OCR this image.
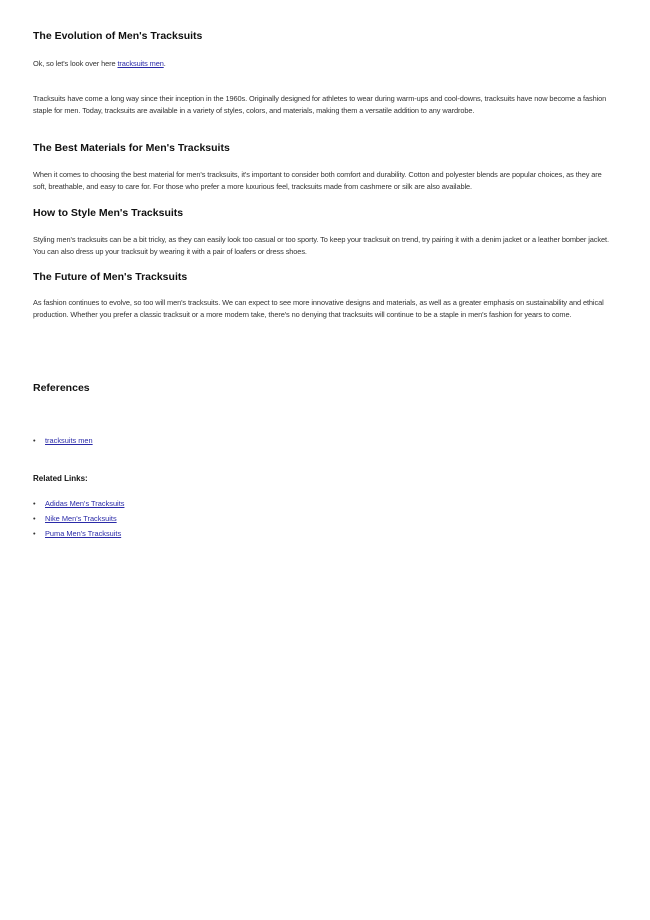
The Evolution of Men's Tracksuits

Ok, so let's look over here tracksuits men.

Tracksuits have come a long way since their inception in the 1960s. Originally designed for athletes to wear during warm-ups and cool-downs, tracksuits have now become a fashion staple for men. Today, tracksuits are available in a variety of styles, colors, and materials, making them a versatile addition to any wardrobe.

The Best Materials for Men's Tracksuits

When it comes to choosing the best material for men's tracksuits, it's important to consider both comfort and durability. Cotton and polyester blends are popular choices, as they are soft, breathable, and easy to care for. For those who prefer a more luxurious feel, tracksuits made from cashmere or silk are also available.

How to Style Men's Tracksuits

Styling men's tracksuits can be a bit tricky, as they can easily look too casual or too sporty. To keep your tracksuit on trend, try pairing it with a denim jacket or a leather bomber jacket. You can also dress up your tracksuit by wearing it with a pair of loafers or dress shoes.

The Future of Men's Tracksuits

As fashion continues to evolve, so too will men's tracksuits. We can expect to see more innovative designs and materials, as well as a greater emphasis on sustainability and ethical production. Whether you prefer a classic tracksuit or a more modern take, there's no denying that tracksuits will continue to be a staple in men's fashion for years to come.

References
• tracksuits men
Related Links:
• Adidas Men's Tracksuits
• Nike Men's Tracksuits
• Puma Men's Tracksuits
